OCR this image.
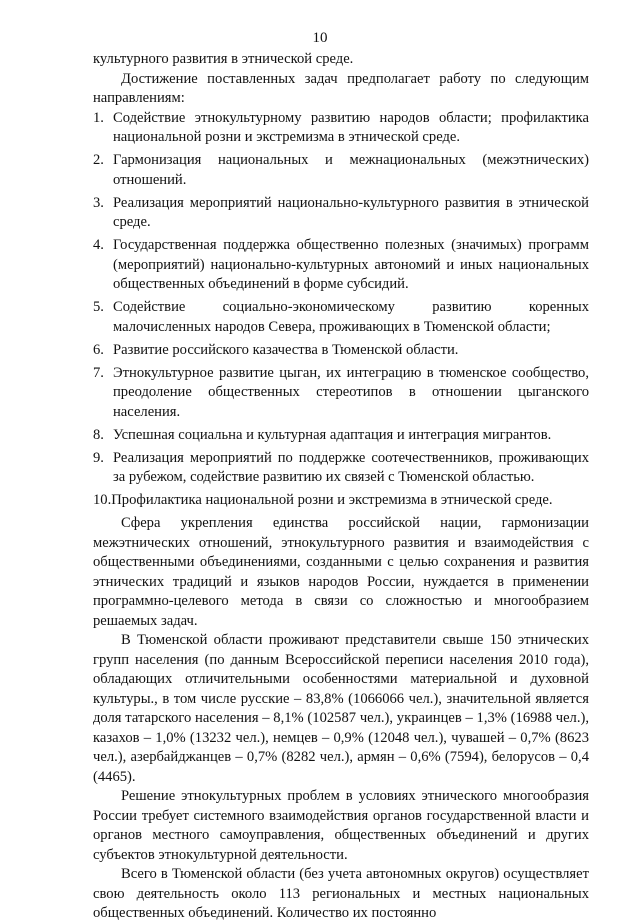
10

культурного развития в этнической среде.

Достижение поставленных задач предполагает работу по следующим направлениям:

1. Содействие этнокультурному развитию народов области; профилактика национальной розни и экстремизма в этнической среде.
2. Гармонизация национальных и межнациональных (межэтнических) отношений.
3. Реализация мероприятий национально-культурного развития в этнической среде.
4. Государственная поддержка общественно полезных (значимых) программ (мероприятий) национально-культурных автономий и иных национальных общественных объединений в форме субсидий.
5. Содействие социально-экономическому развитию коренных малочисленных народов Севера, проживающих в Тюменской области;
6. Развитие российского казачества в Тюменской области.
7. Этнокультурное развитие цыган, их интеграцию в тюменское сообщество, преодоление общественных стереотипов в отношении цыганского населения.
8. Успешная социальна и культурная адаптация и интеграция мигрантов.
9. Реализация мероприятий по поддержке соотечественников, проживающих за рубежом, содействие развитию их связей с Тюменской областью.
10.Профилактика национальной розни и экстремизма в этнической среде.

Сфера укрепления единства российской нации, гармонизации межэтнических отношений, этнокультурного развития и взаимодействия с общественными объединениями, созданными с целью сохранения и развития этнических традиций и языков народов России, нуждается в применении программно-целевого метода в связи со сложностью и многообразием решаемых задач.

В Тюменской области проживают представители свыше 150 этнических групп населения (по данным Всероссийской переписи населения 2010 года), обладающих отличительными особенностями материальной и духовной культуры., в том числе русские – 83,8% (1066066 чел.), значительной является доля татарского населения – 8,1% (102587 чел.), украинцев – 1,3% (16988 чел.), казахов – 1,0% (13232 чел.), немцев – 0,9% (12048 чел.), чувашей – 0,7% (8623 чел.), азербайджанцев – 0,7% (8282 чел.), армян – 0,6% (7594), белорусов – 0,4 (4465).

Решение этнокультурных проблем в условиях этнического многообразия России требует системного взаимодействия органов государственной власти и органов местного самоуправления, общественных объединений и других субъектов этнокультурной деятельности.

Всего в Тюменской области (без учета автономных округов) осуществляет свою деятельность около 113 региональных и местных национальных общественных объединений. Количество их постоянно
